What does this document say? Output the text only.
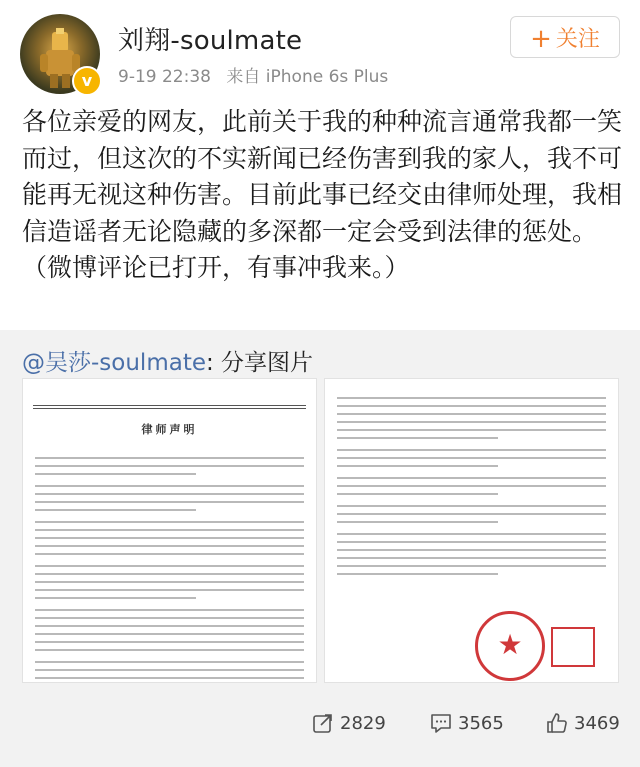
v
刘翔-soulmate
9-19 22:38 来自 iPhone 6s Plus
+ 关注
各位亲爱的网友，此前关于我的种种流言通常我都一笑而过，但这次的不实新闻已经伤害到我的家人，我不可能再无视这种伤害。目前此事已经交由律师处理，我相信造谣者无论隐藏的多深都一定会受到法律的惩处。 （微博评论已打开，有事冲我来。）
@吴莎-soulmate: 分享图片
律师声明
★
2829	3565	3469
